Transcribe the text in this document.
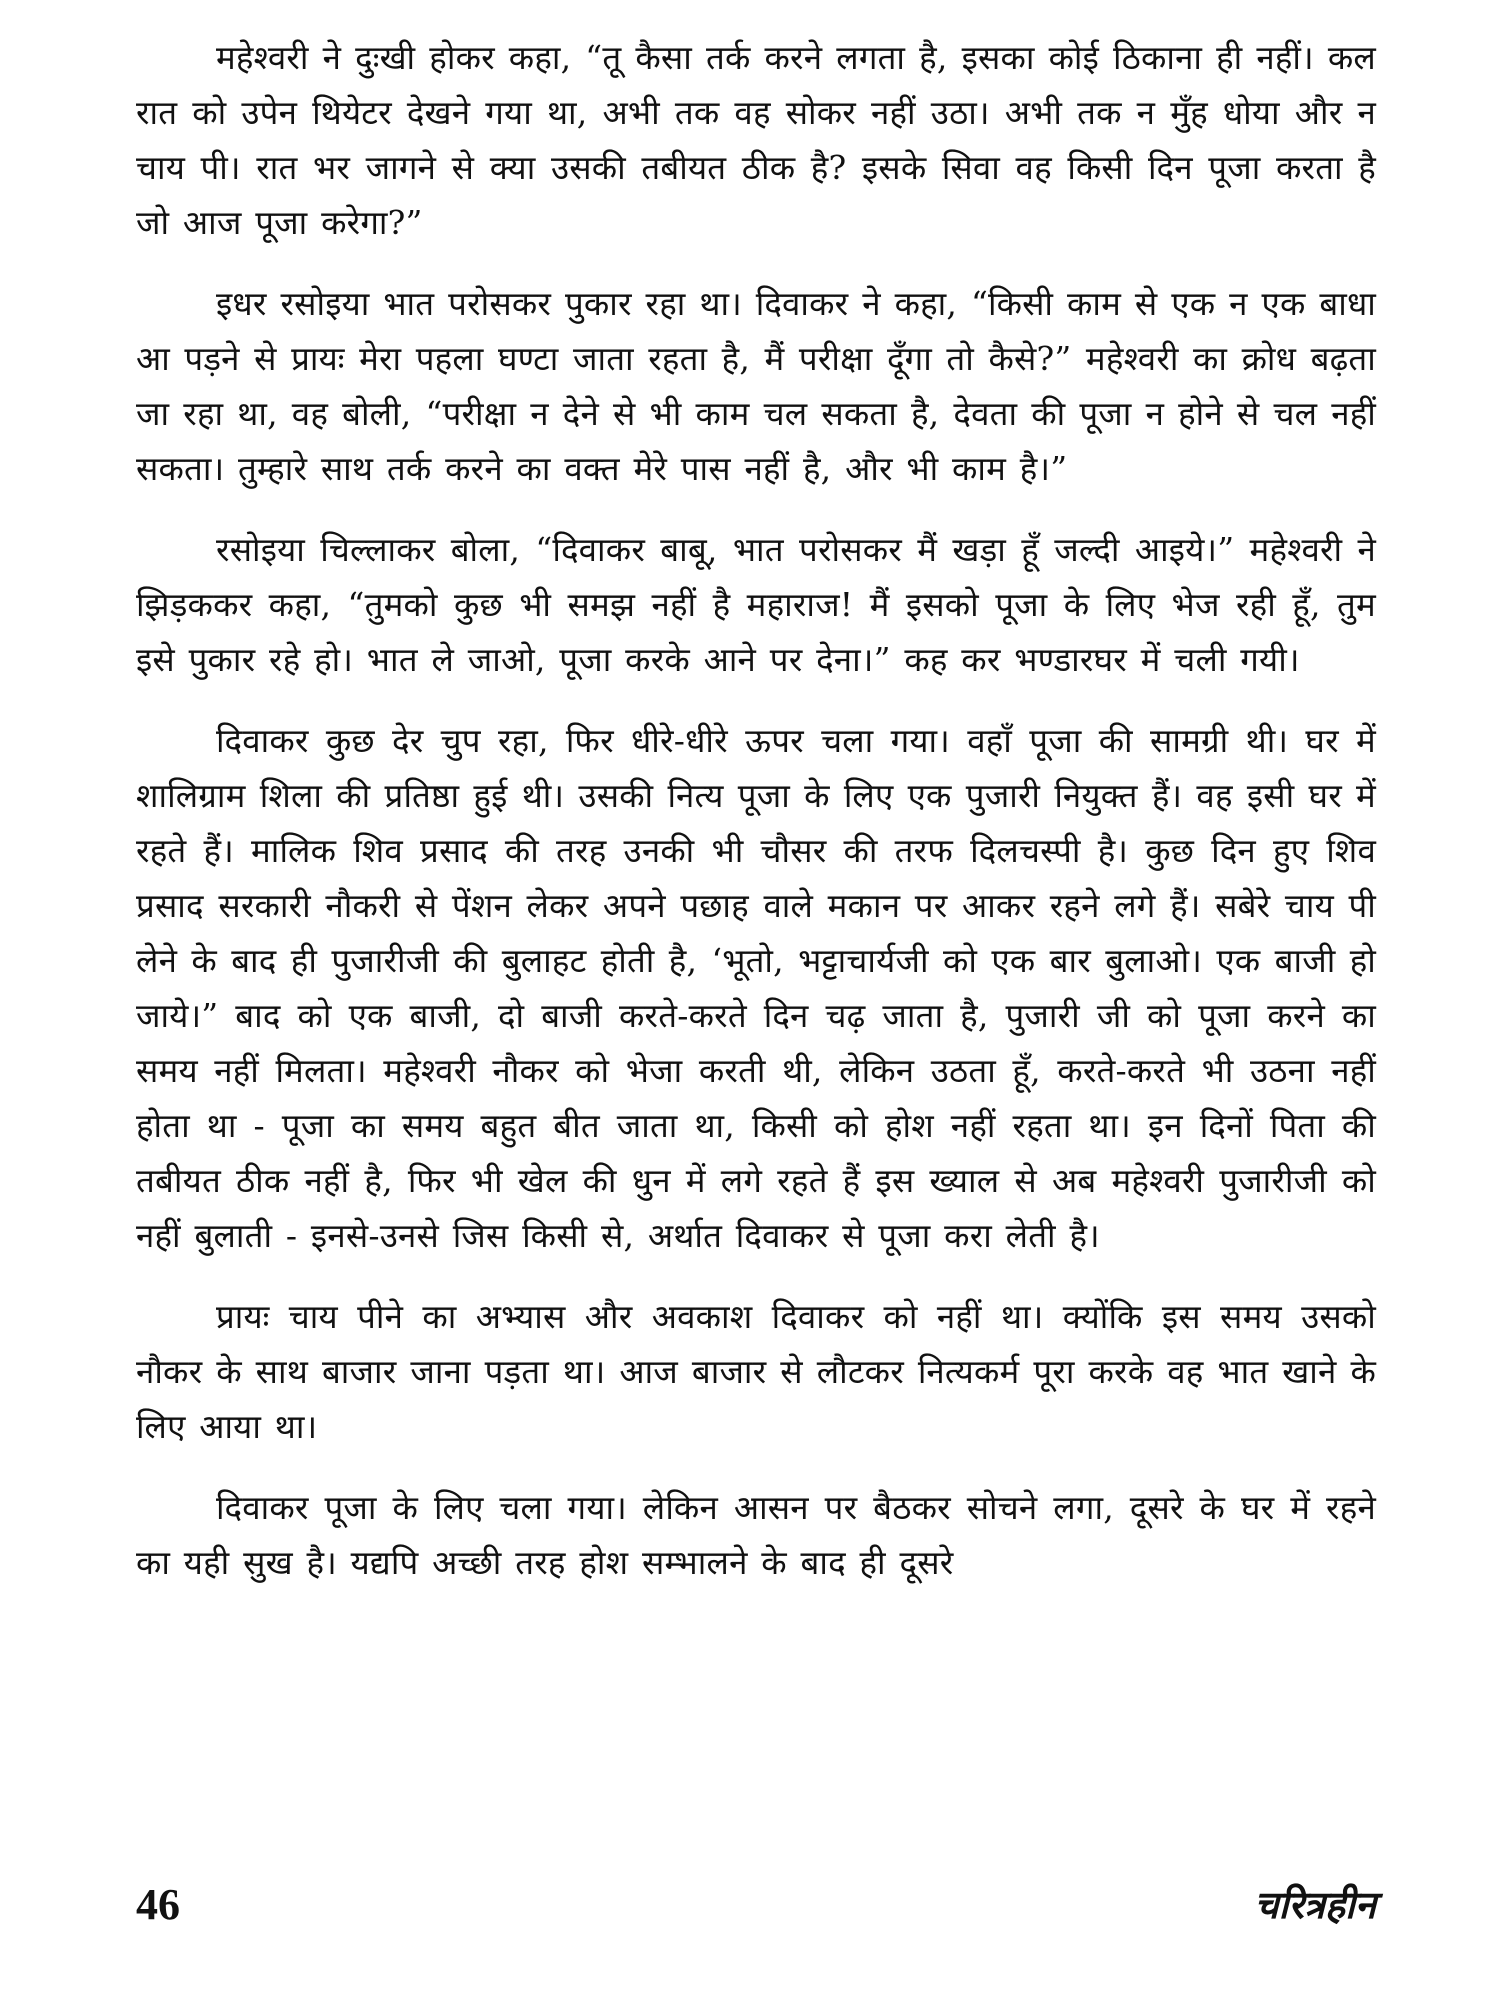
महेश्वरी ने दुःखी होकर कहा, “तू कैसा तर्क करने लगता है, इसका कोई ठिकाना ही नहीं। कल रात को उपेन थियेटर देखने गया था, अभी तक वह सोकर नहीं उठा। अभी तक न मुँह धोया और न चाय पी। रात भर जागने से क्या उसकी तबीयत ठीक है? इसके सिवा वह किसी दिन पूजा करता है जो आज पूजा करेगा?”

इधर रसोइया भात परोसकर पुकार रहा था। दिवाकर ने कहा, “किसी काम से एक न एक बाधा आ पड़ने से प्रायः मेरा पहला घण्टा जाता रहता है, मैं परीक्षा दूँगा तो कैसे?” महेश्वरी का क्रोध बढ़ता जा रहा था, वह बोली, “परीक्षा न देने से भी काम चल सकता है, देवता की पूजा न होने से चल नहीं सकता। तुम्हारे साथ तर्क करने का वक्त मेरे पास नहीं है, और भी काम है।”

रसोइया चिल्लाकर बोला, “दिवाकर बाबू, भात परोसकर मैं खड़ा हूँ जल्दी आइये।” महेश्वरी ने झिड़ककर कहा, “तुमको कुछ भी समझ नहीं है महाराज! मैं इसको पूजा के लिए भेज रही हूँ, तुम इसे पुकार रहे हो। भात ले जाओ, पूजा करके आने पर देना।” कह कर भण्डारघर में चली गयी।

दिवाकर कुछ देर चुप रहा, फिर धीरे-धीरे ऊपर चला गया। वहाँ पूजा की सामग्री थी। घर में शालिग्राम शिला की प्रतिष्ठा हुई थी। उसकी नित्य पूजा के लिए एक पुजारी नियुक्त हैं। वह इसी घर में रहते हैं। मालिक शिव प्रसाद की तरह उनकी भी चौसर की तरफ दिलचस्पी है। कुछ दिन हुए शिव प्रसाद सरकारी नौकरी से पेंशन लेकर अपने पछाह वाले मकान पर आकर रहने लगे हैं। सबेरे चाय पी लेने के बाद ही पुजारीजी की बुलाहट होती है, ‘भूतो, भट्टाचार्यजी को एक बार बुलाओ। एक बाजी हो जाये।” बाद को एक बाजी, दो बाजी करते-करते दिन चढ़ जाता है, पुजारी जी को पूजा करने का समय नहीं मिलता। महेश्वरी नौकर को भेजा करती थी, लेकिन उठता हूँ, करते-करते भी उठना नहीं होता था - पूजा का समय बहुत बीत जाता था, किसी को होश नहीं रहता था। इन दिनों पिता की तबीयत ठीक नहीं है, फिर भी खेल की धुन में लगे रहते हैं इस ख्याल से अब महेश्वरी पुजारीजी को नहीं बुलाती - इनसे-उनसे जिस किसी से, अर्थात दिवाकर से पूजा करा लेती है।

प्रायः चाय पीने का अभ्यास और अवकाश दिवाकर को नहीं था। क्योंकि इस समय उसको नौकर के साथ बाजार जाना पड़ता था। आज बाजार से लौटकर नित्यकर्म पूरा करके वह भात खाने के लिए आया था।

दिवाकर पूजा के लिए चला गया। लेकिन आसन पर बैठकर सोचने लगा, दूसरे के घर में रहने का यही सुख है। यद्यपि अच्छी तरह होश सम्भालने के बाद ही दूसरे

46	चरित्रहीन
